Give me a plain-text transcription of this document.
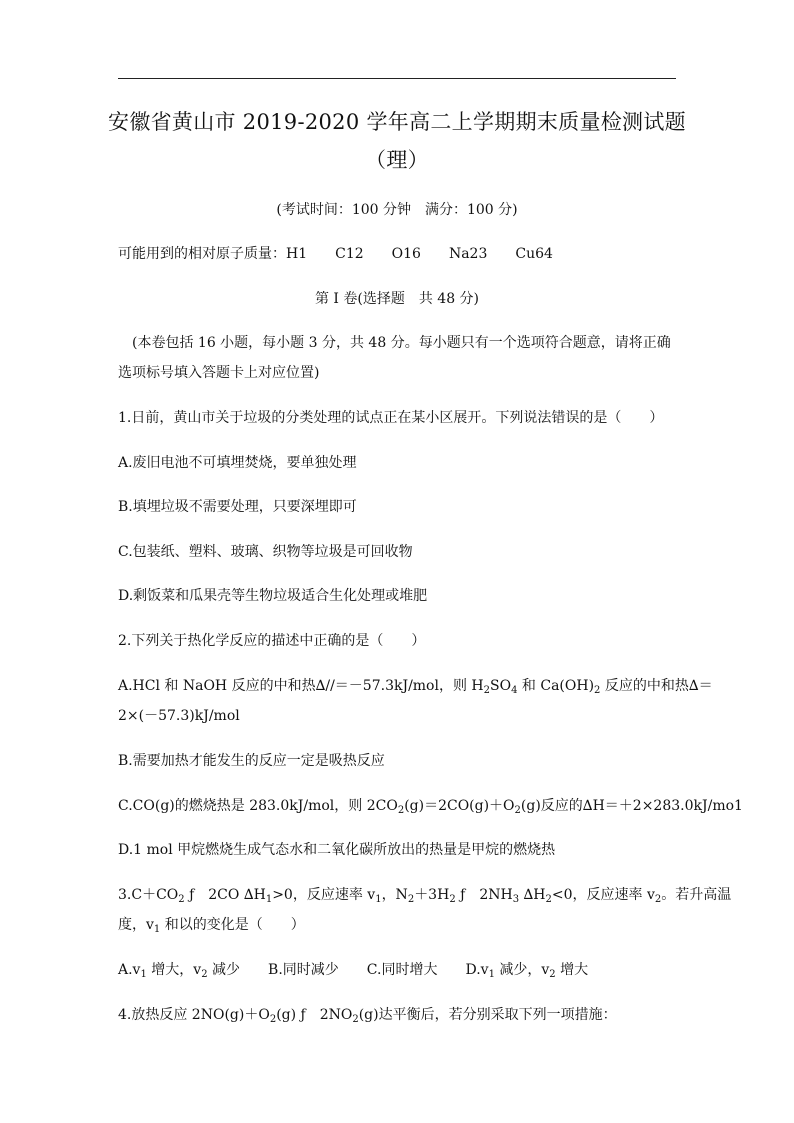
安徽省黄山市 2019-2020 学年高二上学期期末质量检测试题
（理）
(考试时间：100 分钟　满分：100 分)
可能用到的相对原子质量：H1 C12 O16 Na23 Cu64
第 I 卷(选择题　共 48 分)
　(本卷包括 16 小题，每小题 3 分，共 48 分。每小题只有一个选项符合题意，请将正确
选项标号填入答题卡上对应位置)
1.日前，黄山市关于垃圾的分类处理的试点正在某小区展开。下列说法错误的是（　　）
A.废旧电池不可填埋焚烧，要单独处理
B.填埋垃圾不需要处理，只要深埋即可
C.包装纸、塑料、玻璃、织物等垃圾是可回收物
D.剩饭菜和瓜果壳等生物垃圾适合生化处理或堆肥
2.下列关于热化学反应的描述中正确的是（　　）
A.HCl 和 NaOH 反应的中和热∆//＝－57.3kJ/mol，则 $H_2SO_4$ 和 $Ca(OH)_2$ 反应的中和热∆＝
2×(－57.3)kJ/mol
B.需要加热才能发生的反应一定是吸热反应
C.CO(g)的燃烧热是 283.0kJ/mol，则 $2CO_2(g)=2CO(g)+O_2(g)$反应的∆H＝＋2×283.0kJ/mo1
D.1 mol 甲烷燃烧生成气态水和二氧化碳所放出的热量是甲烷的燃烧热
$3.C+CO_2$ ƒ　2CO $\Delta H_1>0$，反应速率 $v_1$，$N_2+3H_2$ ƒ　$2NH_3$ $\Delta H_2<0$，反应速率 $v_2$。若升高温
度，$v_1$ 和以的变化是（　　）
$A.v_1$ 增大，$v_2$ 减少 B.同时减少 C.同时增大 $D.v_1$ 减少，$v_2$ 增大
4.放热反应 $2NO(g)+O_2(g)$ ƒ　$2NO_2(g)$达平衡后，若分别采取下列一项措施：
